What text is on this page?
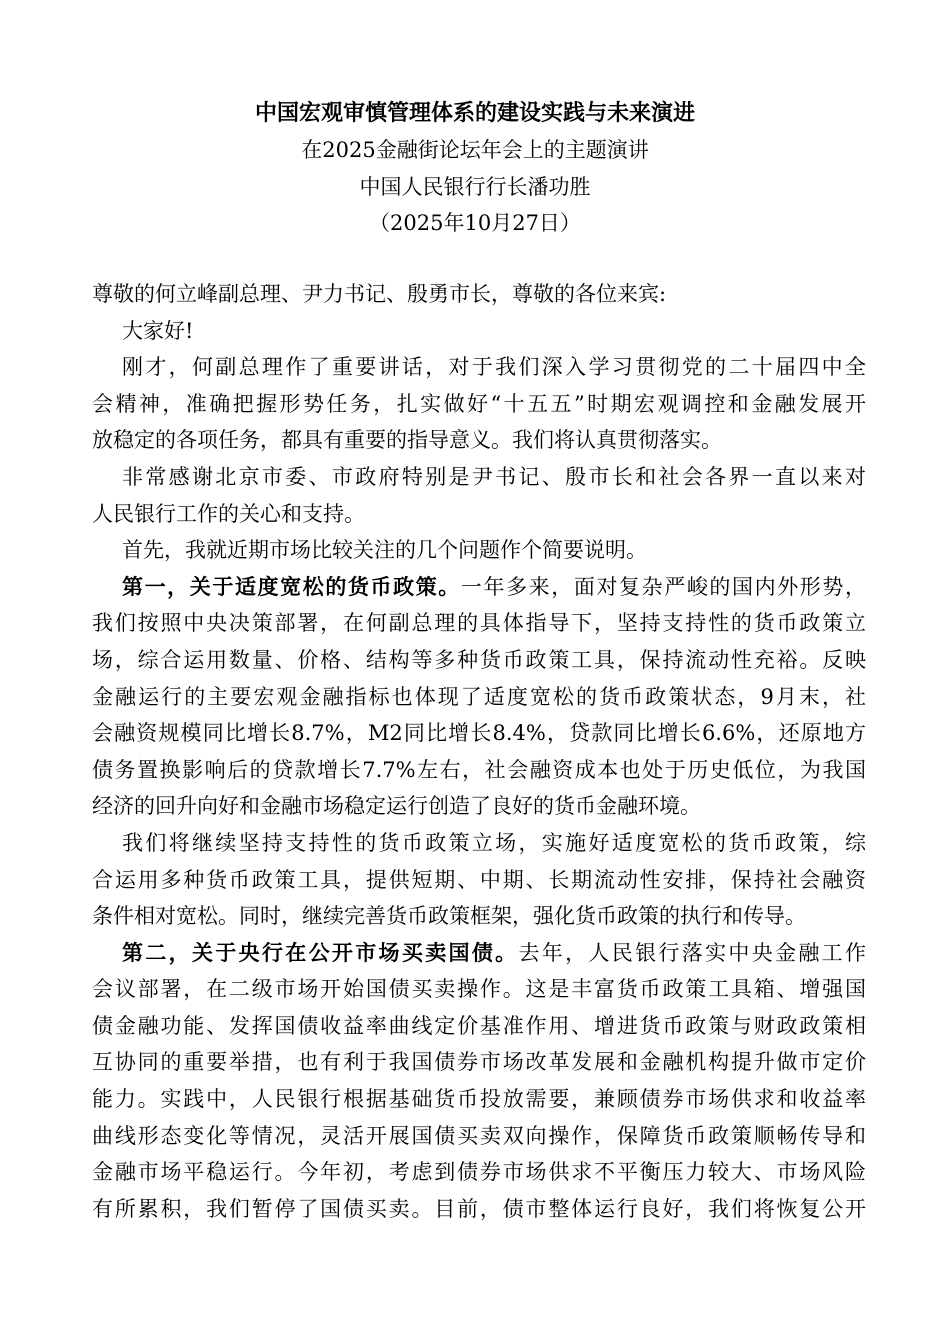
中国宏观审慎管理体系的建设实践与未来演进
在2025金融街论坛年会上的主题演讲
中国人民银行行长潘功胜
（2025年10月27日）
尊敬的何立峰副总理、尹力书记、殷勇市长，尊敬的各位来宾:
大家好!
刚才，何副总理作了重要讲话，对于我们深入学习贯彻党的二十届四中全
会精神，准确把握形势任务，扎实做好“十五五”时期宏观调控和金融发展开
放稳定的各项任务，都具有重要的指导意义。我们将认真贯彻落实。
非常感谢北京市委、市政府特别是尹书记、殷市长和社会各界一直以来对
人民银行工作的关心和支持。
首先，我就近期市场比较关注的几个问题作个简要说明。
第一，关于适度宽松的货币政策。一年多来，面对复杂严峻的国内外形势，
我们按照中央决策部署，在何副总理的具体指导下，坚持支持性的货币政策立
场，综合运用数量、价格、结构等多种货币政策工具，保持流动性充裕。反映
金融运行的主要宏观金融指标也体现了适度宽松的货币政策状态，9月末，社
会融资规模同比增长8.7%，M2同比增长8.4%，贷款同比增长6.6%，还原地方
债务置换影响后的贷款增长7.7%左右，社会融资成本也处于历史低位，为我国
经济的回升向好和金融市场稳定运行创造了良好的货币金融环境。
我们将继续坚持支持性的货币政策立场，实施好适度宽松的货币政策，综
合运用多种货币政策工具，提供短期、中期、长期流动性安排，保持社会融资
条件相对宽松。同时，继续完善货币政策框架，强化货币政策的执行和传导。
第二，关于央行在公开市场买卖国债。去年，人民银行落实中央金融工作
会议部署，在二级市场开始国债买卖操作。这是丰富货币政策工具箱、增强国
债金融功能、发挥国债收益率曲线定价基准作用、增进货币政策与财政政策相
互协同的重要举措，也有利于我国债券市场改革发展和金融机构提升做市定价
能力。实践中，人民银行根据基础货币投放需要，兼顾债券市场供求和收益率
曲线形态变化等情况，灵活开展国债买卖双向操作，保障货币政策顺畅传导和
金融市场平稳运行。今年初，考虑到债券市场供求不平衡压力较大、市场风险
有所累积，我们暂停了国债买卖。目前，债市整体运行良好，我们将恢复公开
